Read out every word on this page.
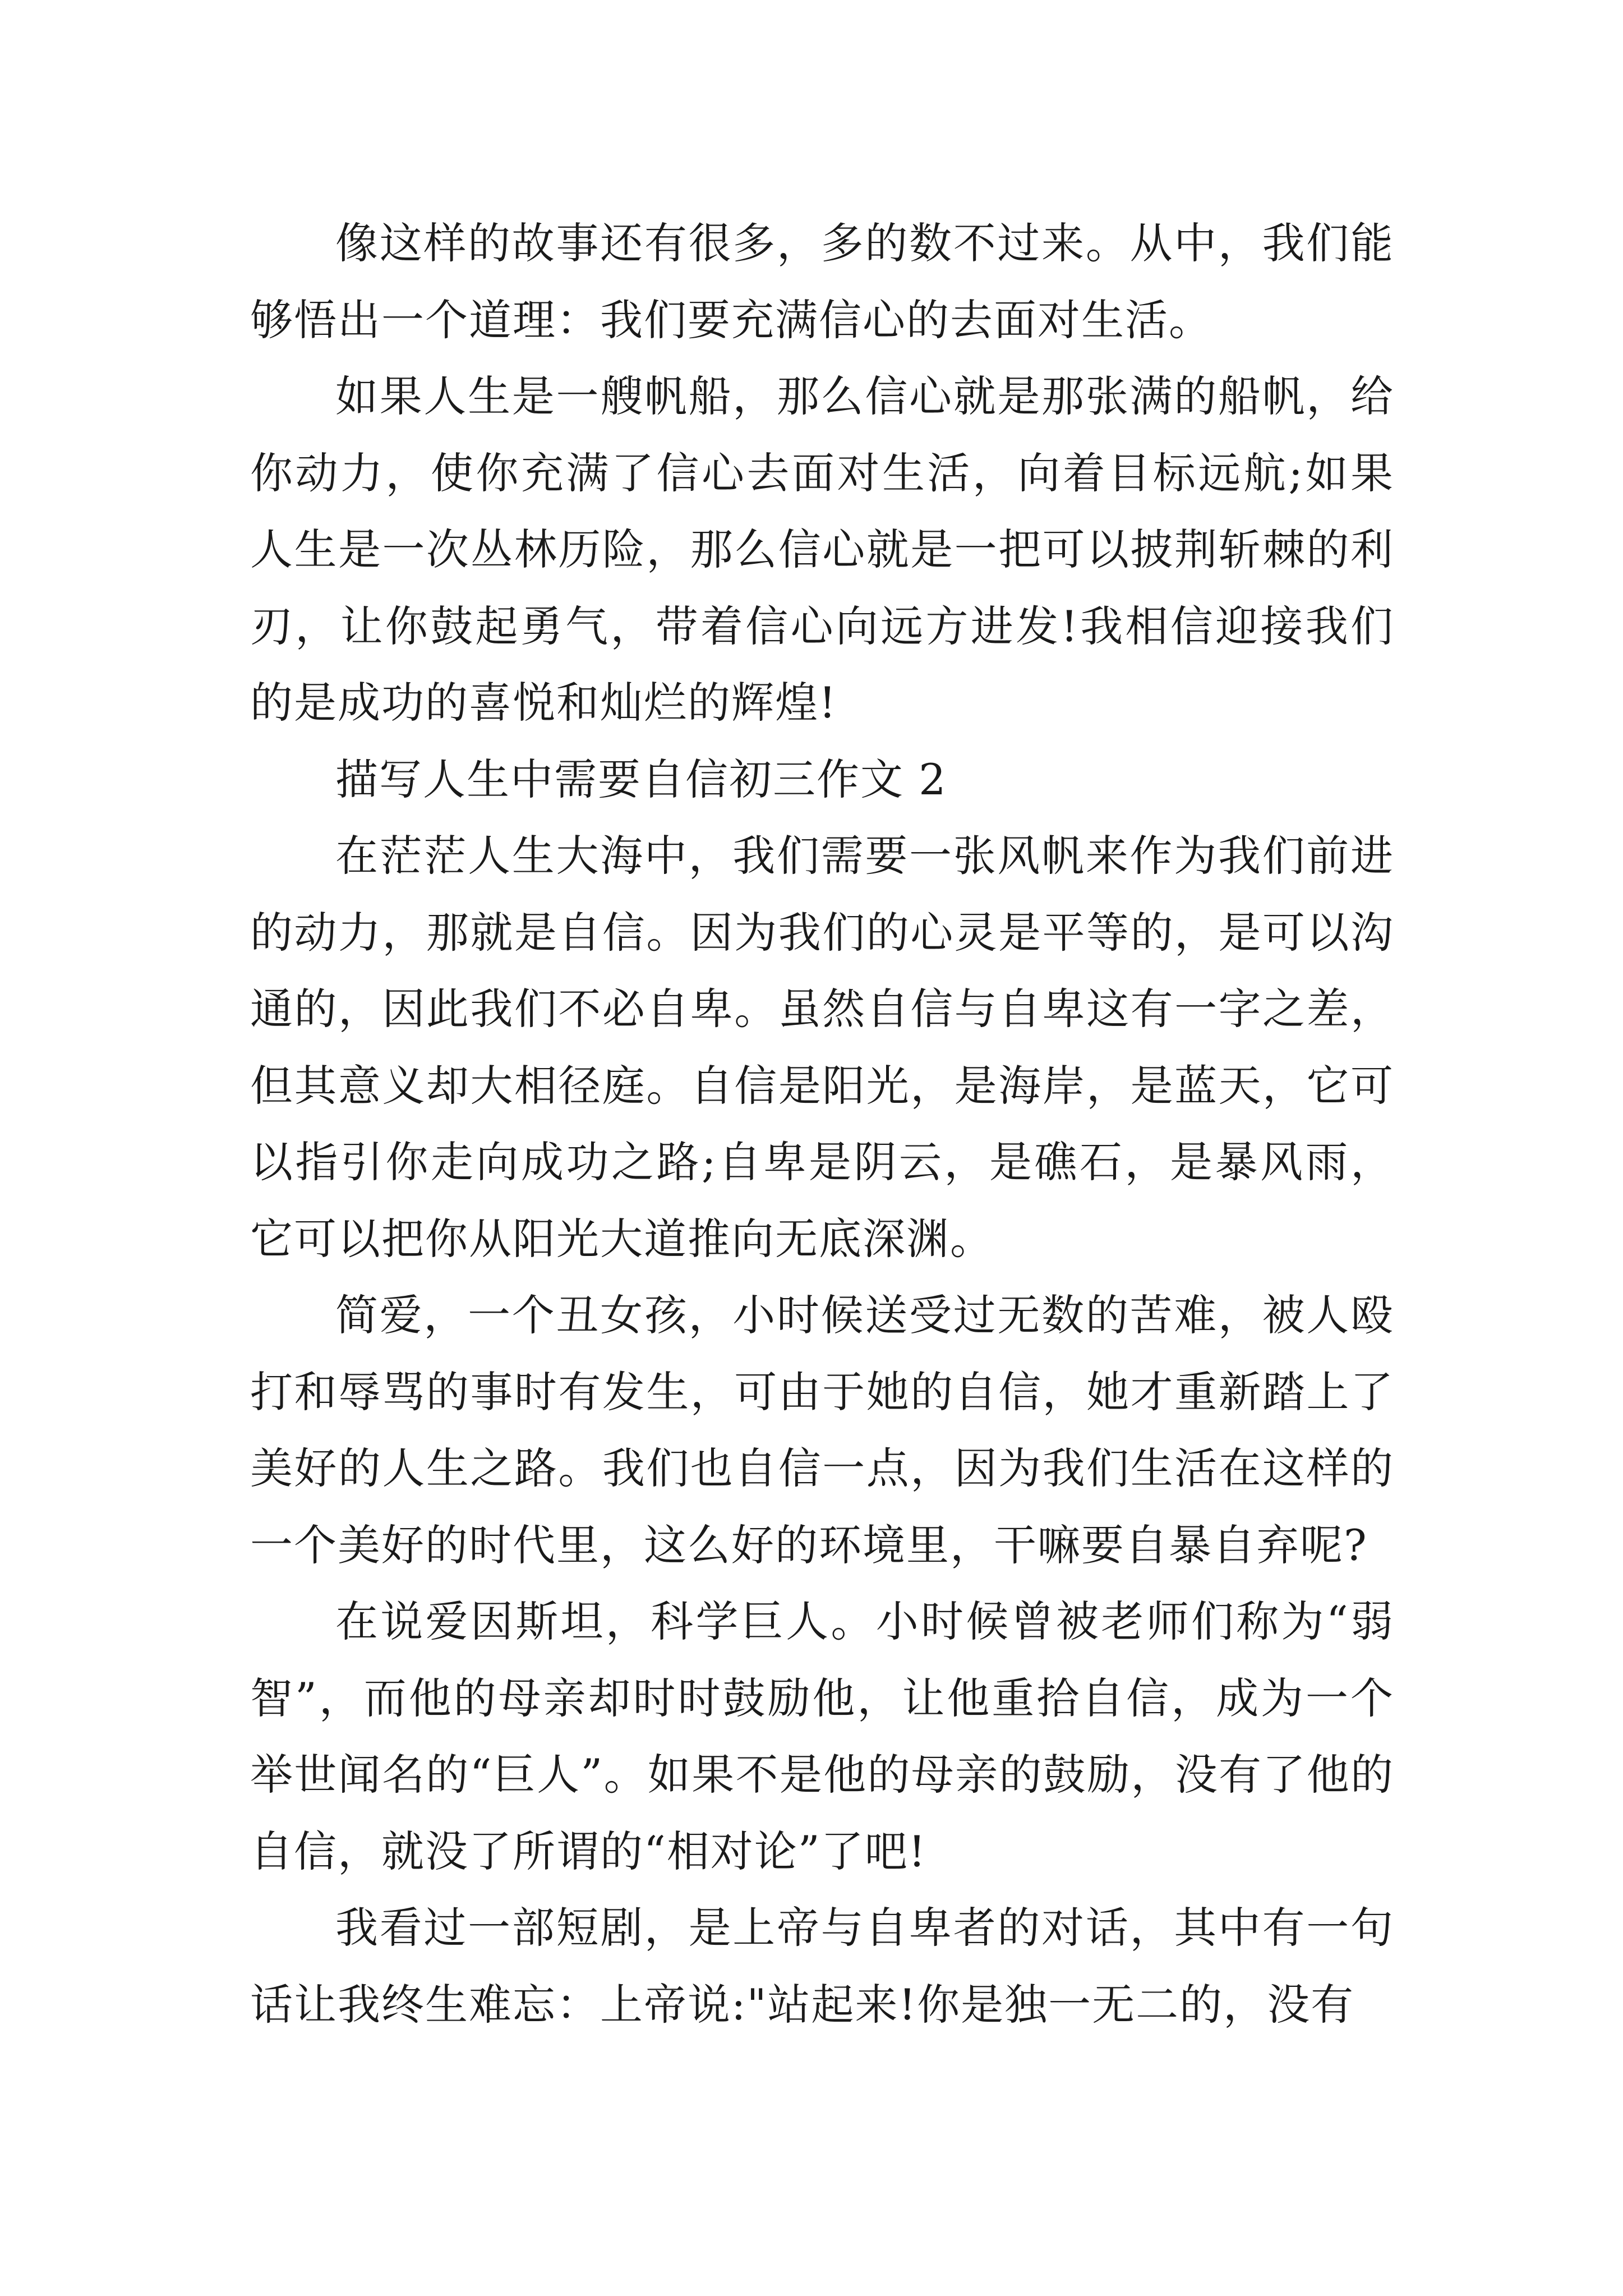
像这样的故事还有很多，多的数不过来。从中，我们能够悟出一个道理：我们要充满信心的去面对生活。

如果人生是一艘帆船，那么信心就是那张满的船帆，给你动力，使你充满了信心去面对生活，向着目标远航;如果人生是一次丛林历险，那么信心就是一把可以披荆斩棘的利刃，让你鼓起勇气，带着信心向远方进发!我相信迎接我们的是成功的喜悦和灿烂的辉煌!

描写人生中需要自信初三作文 2

在茫茫人生大海中，我们需要一张风帆来作为我们前进的动力，那就是自信。因为我们的心灵是平等的，是可以沟通的，因此我们不必自卑。虽然自信与自卑这有一字之差，但其意义却大相径庭。自信是阳光，是海岸，是蓝天，它可以指引你走向成功之路;自卑是阴云，是礁石，是暴风雨，它可以把你从阳光大道推向无底深渊。

简爱，一个丑女孩，小时候送受过无数的苦难，被人殴打和辱骂的事时有发生，可由于她的自信，她才重新踏上了美好的人生之路。我们也自信一点，因为我们生活在这样的一个美好的时代里，这么好的环境里，干嘛要自暴自弃呢?

在说爱因斯坦，科学巨人。小时候曾被老师们称为“弱智”，而他的母亲却时时鼓励他，让他重拾自信，成为一个举世闻名的“巨人”。如果不是他的母亲的鼓励，没有了他的自信，就没了所谓的“相对论”了吧!

我看过一部短剧，是上帝与自卑者的对话，其中有一句话让我终生难忘：上帝说:"站起来!你是独一无二的，没有
